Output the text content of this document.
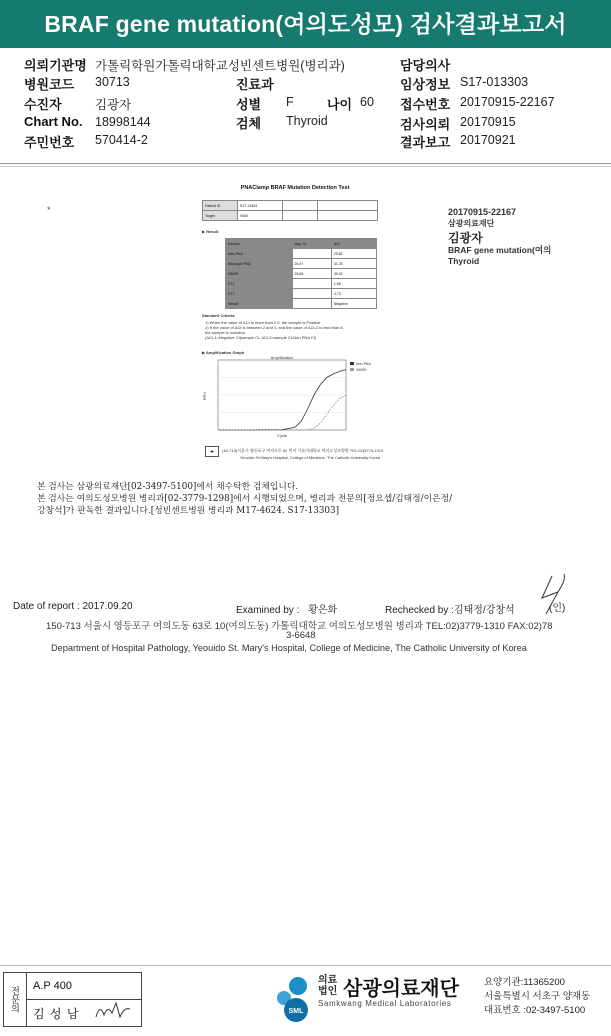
BRAF gene mutation(여의도성모) 검사결과보고서
의뢰기관명 가톨릭학원가톨릭대학교성빈센트병원(병리과)	담당의사
병원코드 30713	진료과	임상정보 S17-013303
수진자	김광자	성별 F	나이 60 접수번호 20170915-22167
Chart No. 18998144	검체 Thyroid	검사의뢰 20170915
주민번호 570414-2	결과보고 20170921
*
PNAClamp BRAF Mutation Detection Test
Patient ID	S17-13303		
Target	V600		
▶ Result
Sample	Avg. Ct	ΔCt
Non-PNA		25.82
Wild-type PNA	26.47	31.25
V600E	26.66	30.92
CT1		1.65
CT2		4.73
Result		Negative
Standard Criteria
1) When the value of ΔCt is more than 2.0, the sample is Positive
2) If the value of ΔCt is between 2 and 1, and the value of ΔCt-2 is less than 8,
the sample is mutation
(ΔCt-1=Negative Ct(sample Ct, ΔCt-2=sample Ct-Non PNA Ct)
▶ Amplification Graph
Amplification
Cycle
RFU
Non-PNA
V600E
✚	(16-713)서울시 영등포구 여의도동 62 번지 가톨릭대학교 여의도성모병원 TEL:02)3779-1310
Yeouido St.Mary's Hospital, College of Medicine, The Catholic University Korea
20170915-22167
삼광의료재단
김광자
BRAF gene mutation(여의
Thyroid
본 검사는 삼광의료재단[02-3497-5100]에서 채수탁한 검체입니다.
본 검사는 여의도성모병원 병리과[02-3779-1298]에서 시행되었으며, 병리과 전문의[정요셉/김태정/이은정/
강창석]가 판독한 결과입니다.[성빈센트병원 병리과 M17-4624. S17-13303]
Date of report : 2017.09.20	Examined by : 황은화	Rechecked by :김태정/강창석	(인)
150-713 서울시 영등포구 여의도동 63로 10(여의도동) 가톨릭대학교 여의도성모병원 병리과 TEL:02)3779-1310 FAX:02)78
3-6648
Department of Hospital Pathology, Yeouido St. Mary's Hospital, College of Medicine, The Catholic University of Korea
전문의	A.P 400
김 성 남	SML
의료
법인 삼광의료재단
Samkwang Medical Laboratories
요양기관:11365200
서울특별시 서초구 양재동
대표번호 :02-3497-5100
